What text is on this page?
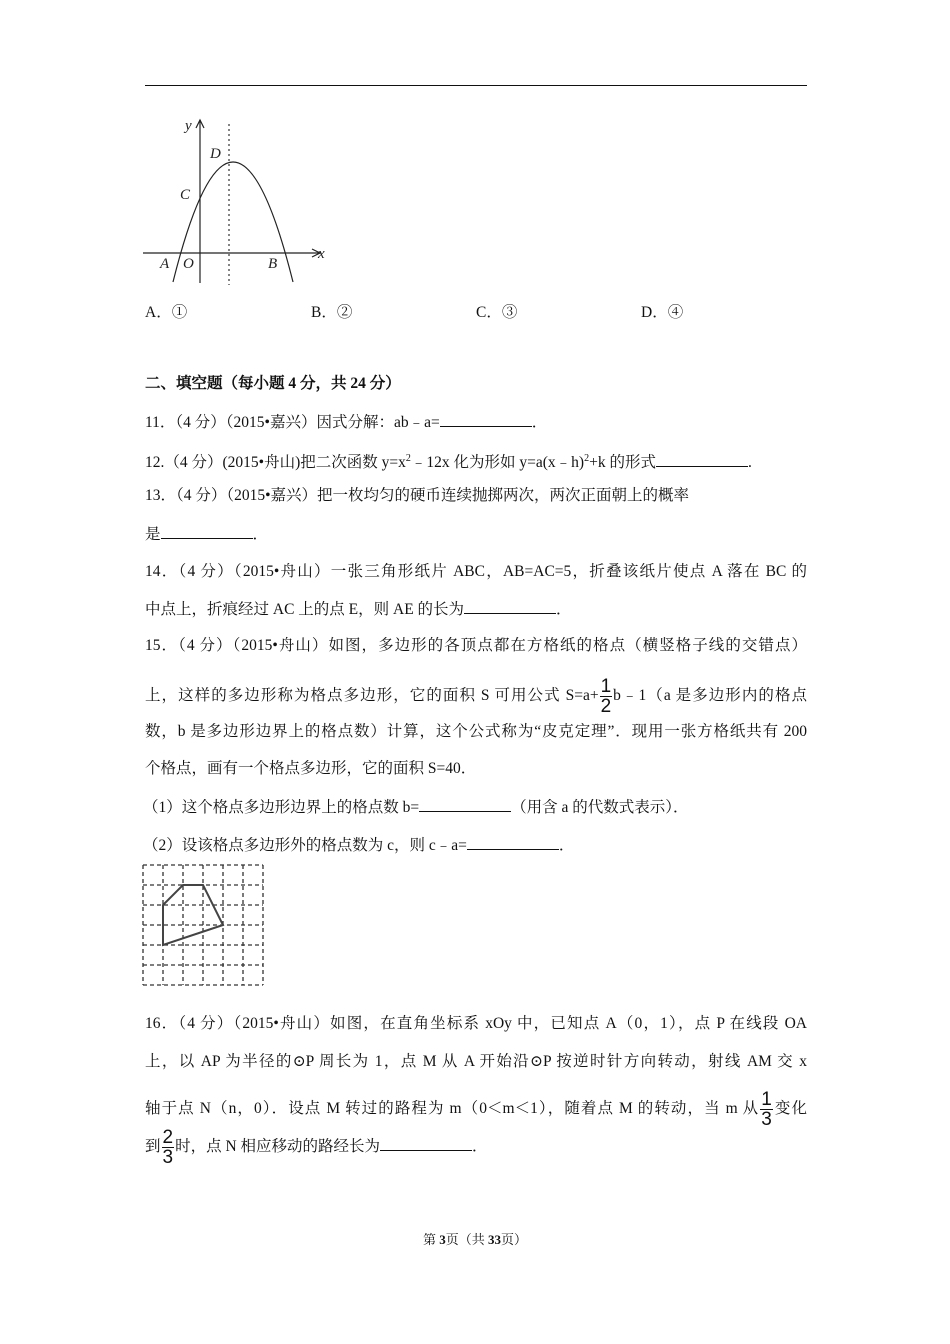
y
x
D
C
A O	B
A．①	B．②	C．③	D．④
二、填空题（每小题 4 分，共 24 分）
11．（4 分）（2015•嘉兴）因式分解：ab﹣a=	．
12.（4 分）(2015•舟山)把二次函数 $y=x^2﹣12x$ 化为形如 y=a(x﹣h)$^2$+k 的形式	.
13．（4 分）（2015•嘉兴）把一枚均匀的硬币连续抛掷两次，两次正面朝上的概率
是	．
14．（4 分）（2015•舟山）一张三角形纸片 ABC，AB=AC=5，折叠该纸片使点 A 落在 BC 的
中点上，折痕经过 AC 上的点 E，则 AE 的长为	．
15．（4 分）（2015•舟山）如图，多边形的各顶点都在方格纸的格点（横竖格子线的交错点）
上，这样的多边形称为格点多边形，它的面积 S 可用公式 $S=a+ \frac{1}{2}$ b﹣1（a 是多边形内的格点
数，b 是多边形边界上的格点数）计算，这个公式称为“皮克定理”．现用一张方格纸共有 200
个格点，画有一个格点多边形，它的面积 S=40．
（1）这个格点多边形边界上的格点数 b=	（用含 a 的代数式表示）．
（2）设该格点多边形外的格点数为 c，则 c﹣a=	．
16．（4 分）（2015•舟山）如图，在直角坐标系 xOy 中，已知点 A（0，1），点 P 在线段 OA
上，以 AP 为半径的⊙P 周长为 1，点 M 从 A 开始沿⊙P 按逆时针方向转动，射线 AM 交 x
轴于点 N（n，0）．设点 M 转过的路程为 m（0＜m＜1），随着点 M 的转动，当 m 从 $\frac{1}{3}$ 变化
到 $\frac{2}{3}$ 时，点 N 相应移动的路经长为	．
第 3页（共 33页）
